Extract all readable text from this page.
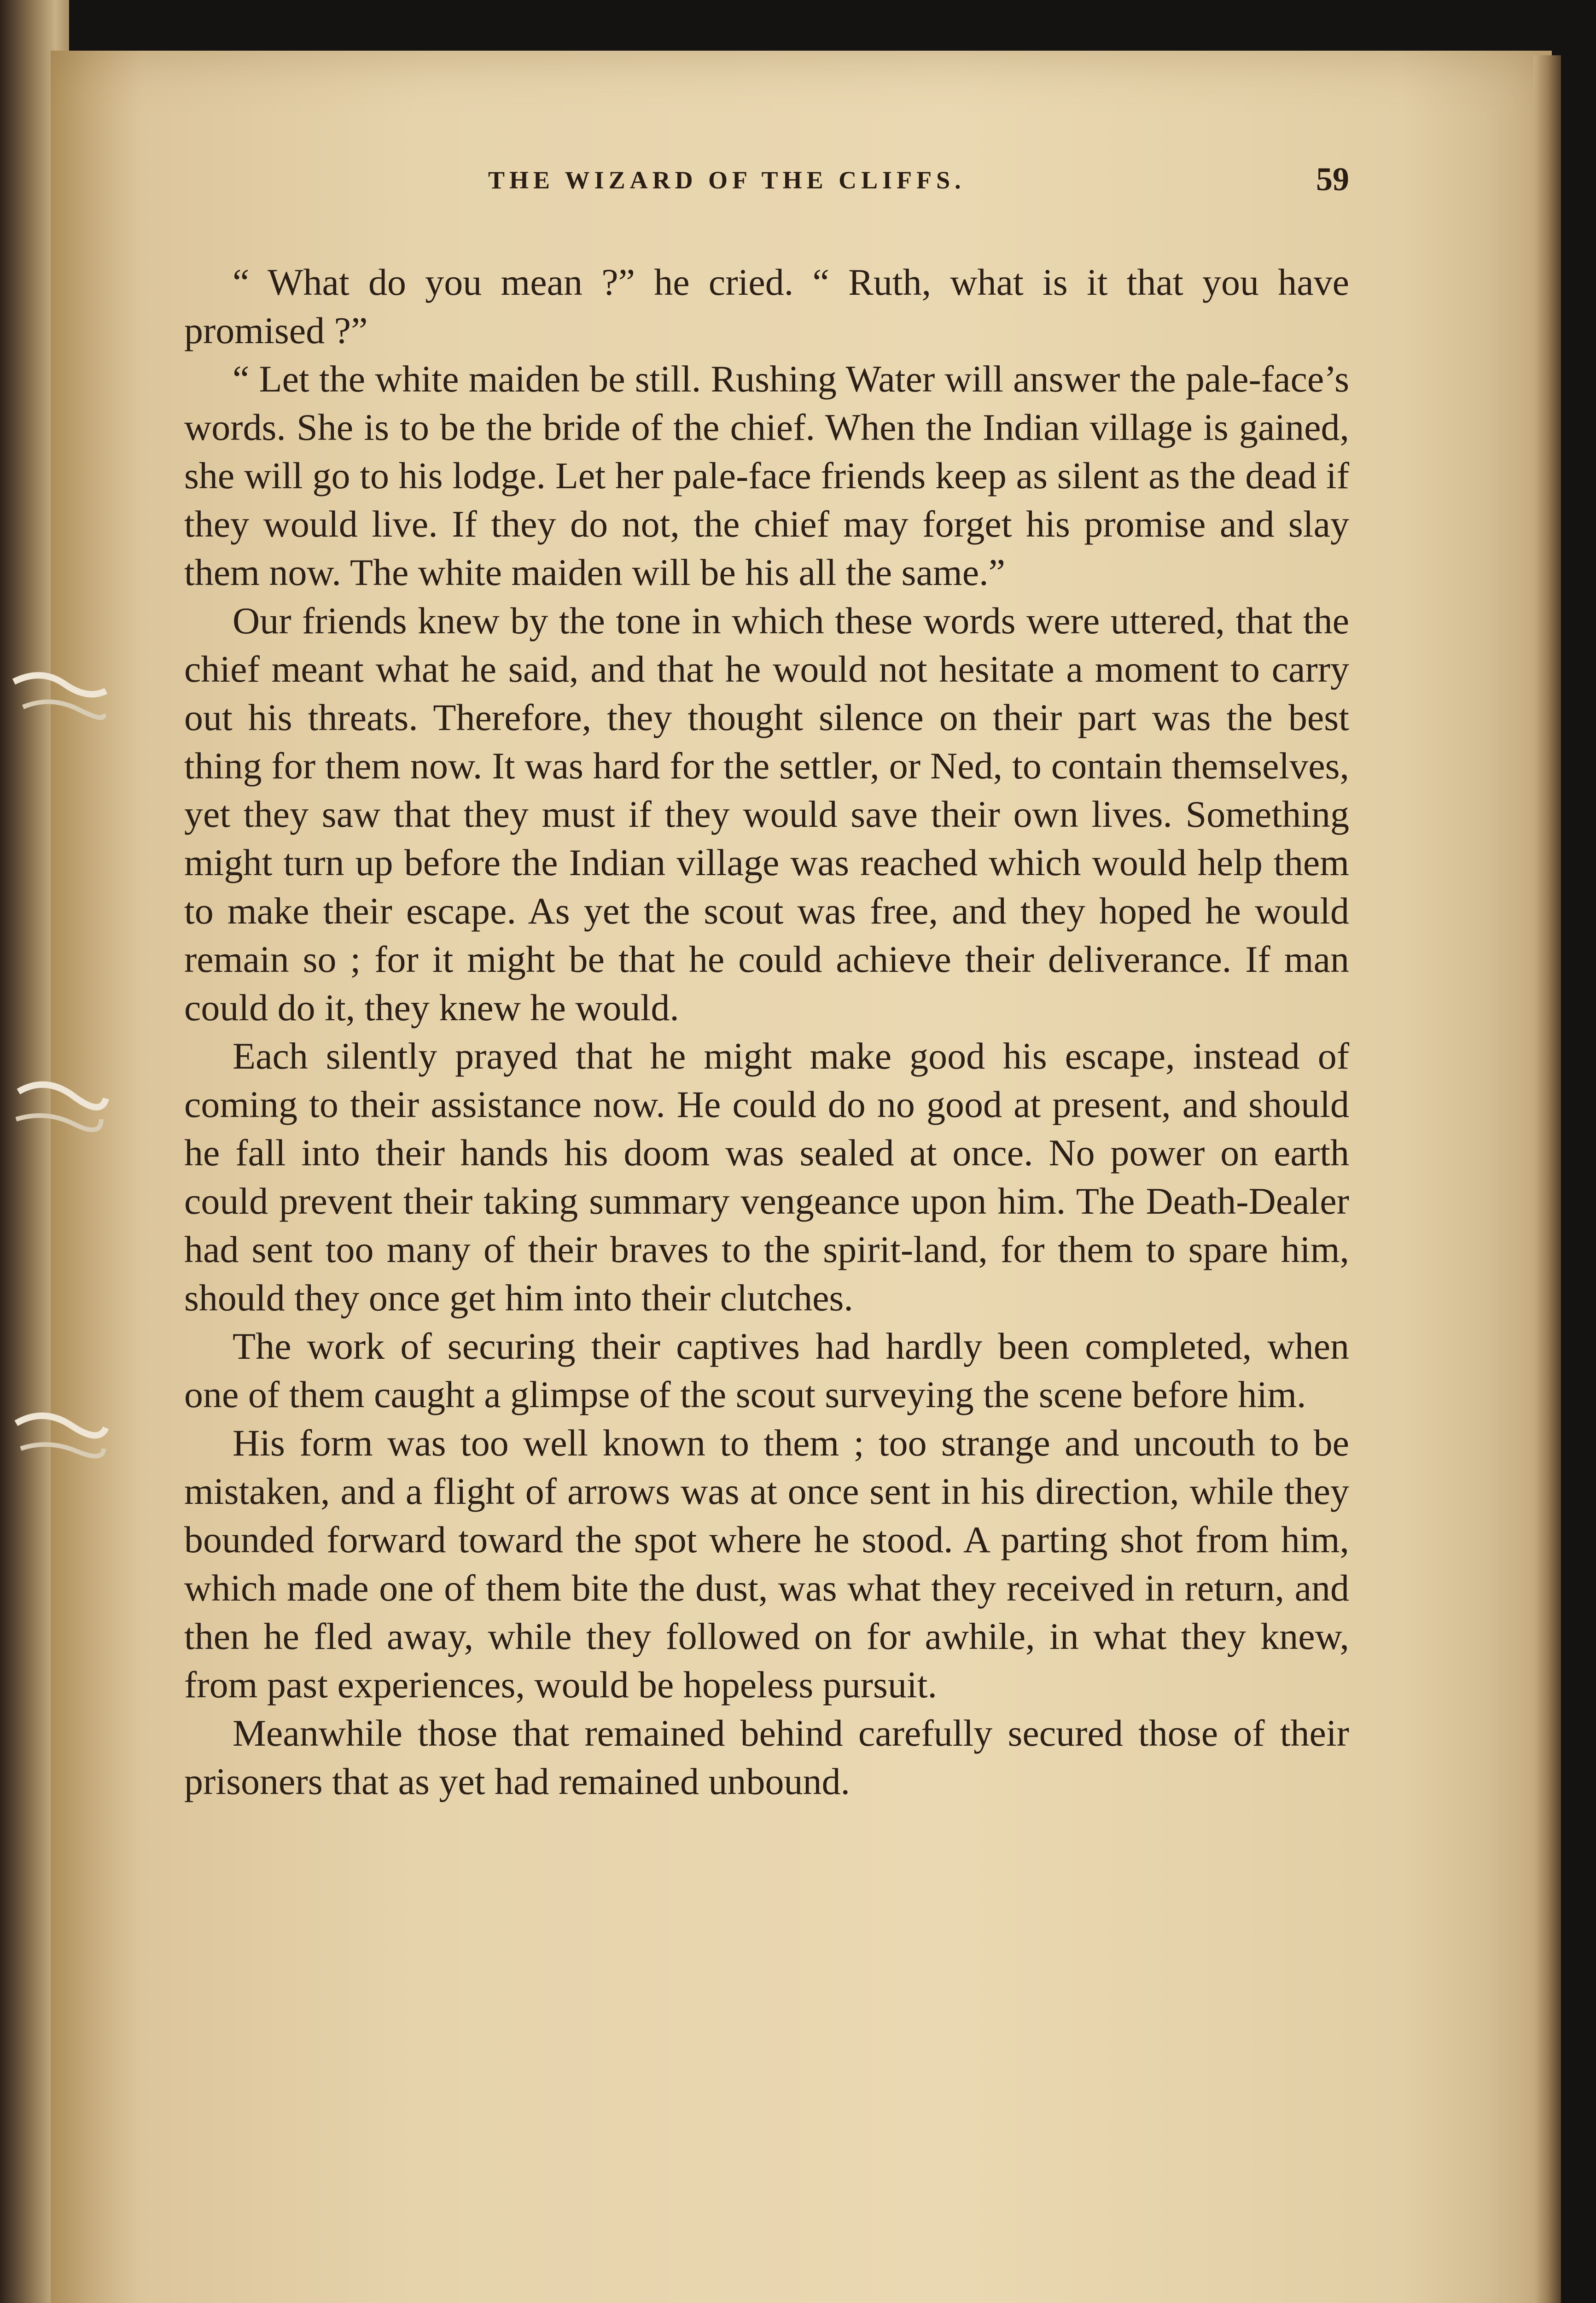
THE WIZARD OF THE CLIFFS.	59

“ What do you mean ?” he cried. “ Ruth, what is it that you have promised ?”

“ Let the white maiden be still. Rushing Water will answer the pale-face’s words. She is to be the bride of the chief. When the Indian village is gained, she will go to his lodge. Let her pale-face friends keep as silent as the dead if they would live. If they do not, the chief may forget his promise and slay them now. The white maiden will be his all the same.”

Our friends knew by the tone in which these words were uttered, that the chief meant what he said, and that he would not hesitate a moment to carry out his threats. Therefore, they thought silence on their part was the best thing for them now. It was hard for the settler, or Ned, to contain themselves, yet they saw that they must if they would save their own lives. Something might turn up before the Indian village was reached which would help them to make their escape. As yet the scout was free, and they hoped he would remain so ; for it might be that he could achieve their deliverance. If man could do it, they knew he would.

Each silently prayed that he might make good his escape, instead of coming to their assistance now. He could do no good at present, and should he fall into their hands his doom was sealed at once. No power on earth could prevent their taking summary vengeance upon him. The Death-Dealer had sent too many of their braves to the spirit-land, for them to spare him, should they once get him into their clutches.

The work of securing their captives had hardly been completed, when one of them caught a glimpse of the scout surveying the scene before him.

His form was too well known to them ; too strange and uncouth to be mistaken, and a flight of arrows was at once sent in his direction, while they bounded forward toward the spot where he stood. A parting shot from him, which made one of them bite the dust, was what they received in return, and then he fled away, while they followed on for awhile, in what they knew, from past experiences, would be hopeless pursuit.

Meanwhile those that remained behind carefully secured those of their prisoners that as yet had remained unbound.
